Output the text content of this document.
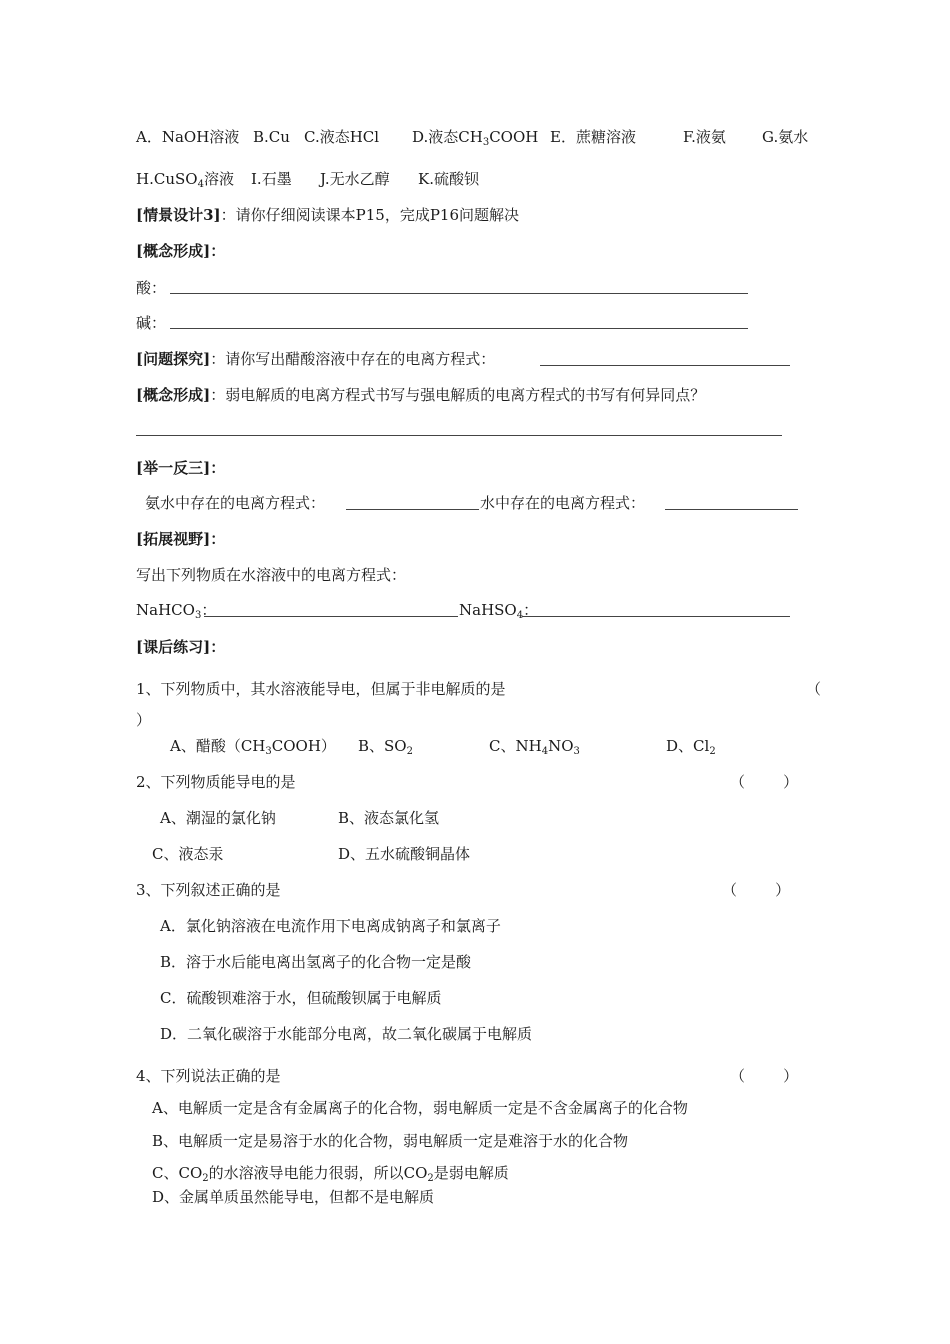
A．NaOH溶液 B.Cu C.液态HCl D.液态$CH_3COOH$ E．蔗糖溶液	F.液氨 G.氨水
H.CuSO$_4$溶液 I.石墨 J.无水乙醇 K.硫酸钡
[情景设计3]：请你仔细阅读课本P15，完成P16问题解决
[概念形成]：
酸：
碱：
[问题探究]：请你写出醋酸溶液中存在的电离方程式：
[概念形成]：弱电解质的电离方程式书写与强电解质的电离方程式的书写有何异同点？
[举一反三]：
氨水中存在的电离方程式：	水中存在的电离方程式：
[拓展视野]：
写出下列物质在水溶液中的电离方程式：
NaHCO$_3$：	NaHSO$_4$：
[课后练习]：
1、下列物质中，其水溶液能导电，但属于非电解质的是	（
）
A、醋酸$(CH_3COOH)$ B、$SO_2$	C、$NH_4NO_3$	D、$Cl_2$
2、下列物质能导电的是	（        ）
A、潮湿的氯化钠	B、液态氯化氢
C、液态汞	D、五水硫酸铜晶体
3、下列叙述正确的是	（        ）
A．氯化钠溶液在电流作用下电离成钠离子和氯离子
B．溶于水后能电离出氢离子的化合物一定是酸
C．硫酸钡难溶于水，但硫酸钡属于电解质
D．二氧化碳溶于水能部分电离，故二氧化碳属于电解质
4、下列说法正确的是	（        ）
A、电解质一定是含有金属离子的化合物，弱电解质一定是不含金属离子的化合物
B、电解质一定是易溶于水的化合物，弱电解质一定是难溶于水的化合物
C、$CO_2$的水溶液导电能力很弱，所以$CO_2$是弱电解质
D、金属单质虽然能导电，但都不是电解质
